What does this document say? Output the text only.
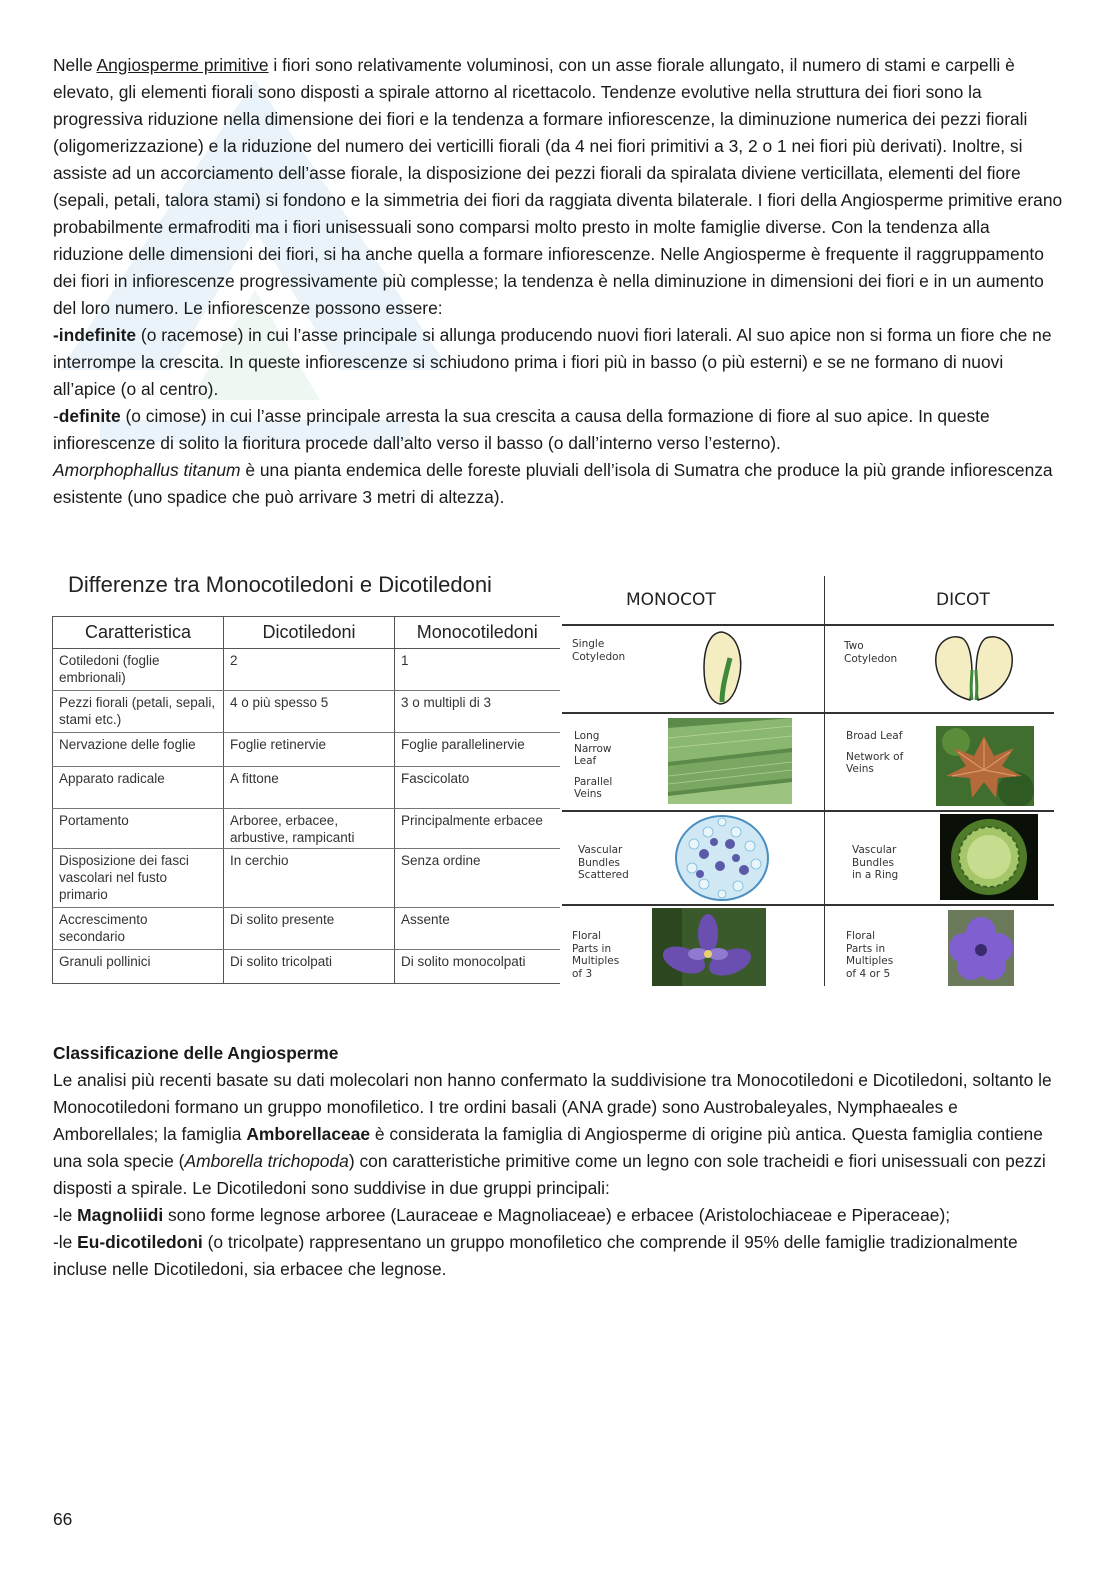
Nelle Angiosperme primitive i fiori sono relativamente voluminosi, con un asse fiorale allungato, il numero di stami e carpelli è elevato, gli elementi fiorali sono disposti a spirale attorno al ricettacolo. Tendenze evolutive nella struttura dei fiori sono la progressiva riduzione nella dimensione dei fiori e la tendenza a formare infiorescenze, la diminuzione numerica dei pezzi fiorali (oligomerizzazione) e la riduzione del numero dei verticilli fiorali (da 4 nei fiori primitivi a 3, 2 o 1 nei fiori più derivati). Inoltre, si assiste ad un accorciamento dell’asse fiorale, la disposizione dei pezzi fiorali da spiralata diviene verticillata, elementi del fiore (sepali, petali, talora stami) si fondono e la simmetria dei fiori da raggiata diventa bilaterale. I fiori della Angiosperme primitive erano probabilmente ermafroditi ma i fiori unisessuali sono comparsi molto presto in molte famiglie diverse. Con la tendenza alla riduzione delle dimensioni dei fiori, si ha anche quella a formare infiorescenze. Nelle Angiosperme è frequente il raggruppamento dei fiori in infiorescenze progressivamente più complesse; la tendenza è nella diminuzione in dimensioni dei fiori e in un aumento del loro numero. Le infiorescenze possono essere:

-indefinite (o racemose) in cui l’asse principale si allunga producendo nuovi fiori laterali. Al suo apice non si forma un fiore che ne interrompe la crescita. In queste infiorescenze si schiudono prima i fiori più in basso (o più esterni) e se ne formano di nuovi all’apice (o al centro).

-definite (o cimose) in cui l’asse principale arresta la sua crescita a causa della formazione di fiore al suo apice. In queste infiorescenze di solito la fioritura procede dall’alto verso il basso (o dall’interno verso l’esterno).

Amorphophallus titanum è una pianta endemica delle foreste pluviali dell’isola di Sumatra che produce la più grande infiorescenza esistente (uno spadice che può arrivare 3 metri di altezza).

Differenze tra Monocotiledoni e Dicotiledoni
Caratteristica	Dicotiledoni	Monocotiledoni
Cotiledoni (foglie embrionali)	2	1
Pezzi fiorali (petali, sepali, stami etc.)	4 o più spesso 5	3 o multipli di 3
Nervazione delle foglie	Foglie retinervie	Foglie parallelinervie
Apparato radicale	A fittone	Fascicolato
Portamento	Arboree, erbacee, arbustive, rampicanti	Principalmente erbacee
Disposizione dei fasci vascolari nel fusto primario	In cerchio	Senza ordine
Accrescimento secondario	Di solito presente	Assente
Granuli pollinici	Di solito tricolpati	Di solito monocolpati
MONOCOT	DICOT
Single
Cotyledon
Two
Cotyledon
Long
Narrow
Leaf
Parallel
Veins
Broad Leaf
Network of
Veins
Vascular
Bundles
Scattered
Vascular
Bundles
in a Ring
Floral
Parts in
Multiples
of 3
Floral
Parts in
Multiples
of 4 or 5

Classificazione delle Angiosperme

Le analisi più recenti basate su dati molecolari non hanno confermato la suddivisione tra Monocotiledoni e Dicotiledoni, soltanto le Monocotiledoni formano un gruppo monofiletico. I tre ordini basali (ANA grade) sono Austrobaleyales, Nymphaeales e Amborellales; la famiglia Amborellaceae è considerata la famiglia di Angiosperme di origine più antica. Questa famiglia contiene una sola specie (Amborella trichopoda) con caratteristiche primitive come un legno con sole tracheidi e fiori unisessuali con pezzi disposti a spirale. Le Dicotiledoni sono suddivise in due gruppi principali:

-le Magnoliidi sono forme legnose arboree (Lauraceae e Magnoliaceae) e erbacee (Aristolochiaceae e Piperaceae);

-le Eu-dicotiledoni (o tricolpate) rappresentano un gruppo monofiletico che comprende il 95% delle famiglie tradizionalmente incluse nelle Dicotiledoni, sia erbacee che legnose.

66
